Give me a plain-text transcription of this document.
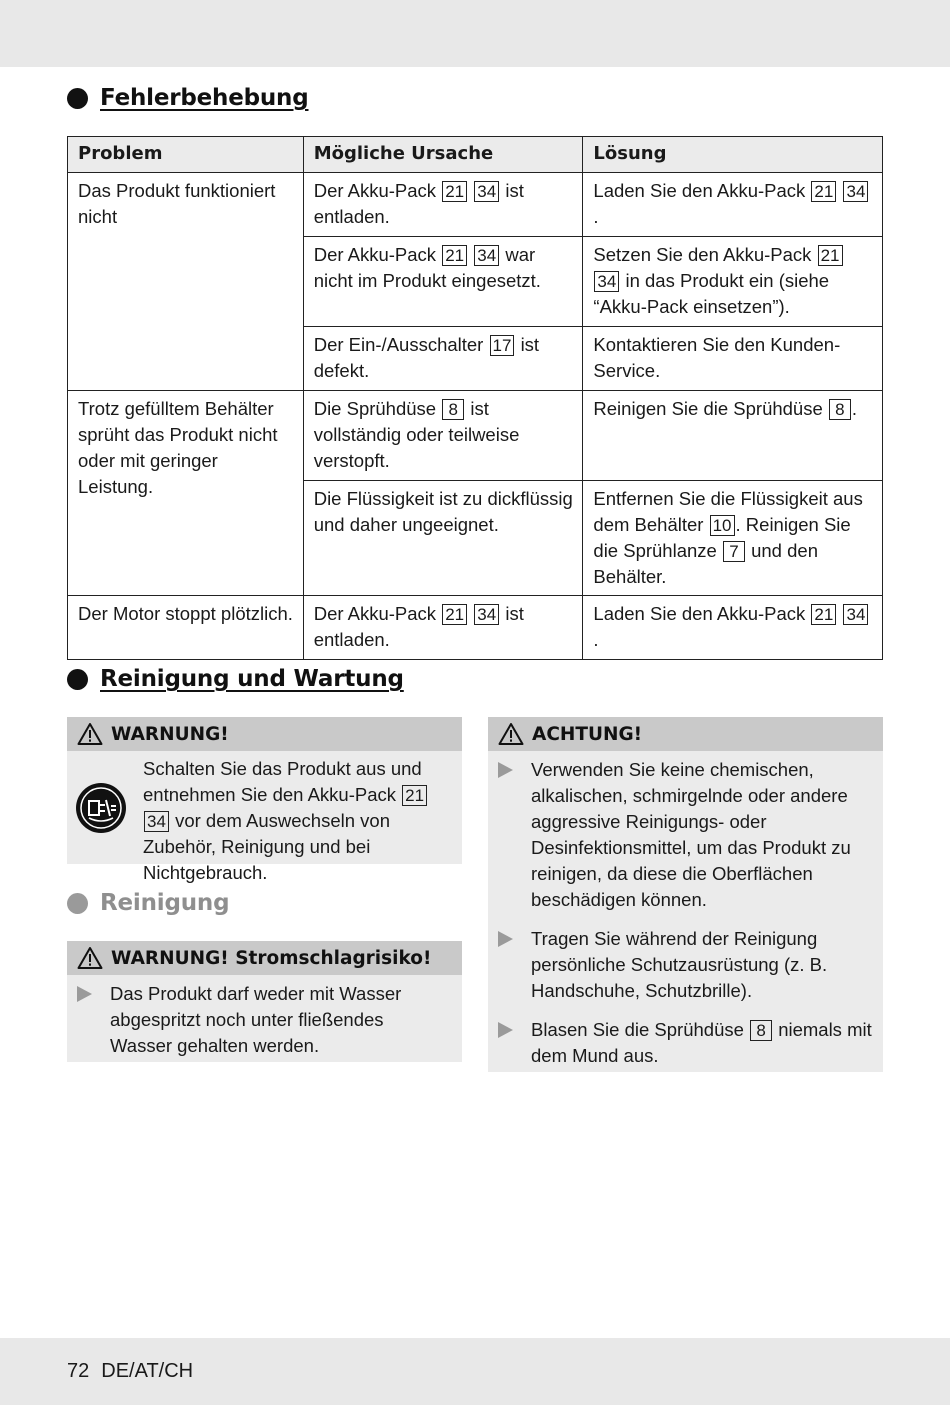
Fehlerbehebung
Problem	Mögliche Ursache	Lösung
Das Produkt funktioniert nicht	Der Akku-Pack 21 34 ist entladen.	Laden Sie den Akku-Pack 21 34.
	Der Akku-Pack 21 34 war nicht im Produkt eingesetzt.	Setzen Sie den Akku-Pack 21 34 in das Produkt ein (siehe “Akku-Pack einsetzen”).
	Der Ein-/Ausschalter 17 ist defekt.	Kontaktieren Sie den Kunden-Service.
Trotz gefülltem Behälter sprüht das Produkt nicht oder mit geringer Leistung.	Die Sprühdüse 8 ist vollständig oder teilweise verstopft.	Reinigen Sie die Sprühdüse 8 .
	Die Flüssigkeit ist zu dickflüssig und daher ungeeignet.	Entfernen Sie die Flüssigkeit aus dem Behälter 10 . Reinigen Sie die Sprühlanze 7 und den Behälter.
Der Motor stoppt plötzlich.	Der Akku-Pack 21 34 ist entladen.	Laden Sie den Akku-Pack 21 34.
Reinigung und Wartung
WARNUNG!
Schalten Sie das Produkt aus und entnehmen Sie den Akku-Pack 21 34 vor dem Auswechseln von Zubehör, Reinigung und bei Nichtgebrauch.
Reinigung
WARNUNG! Stromschlagrisiko!
Das Produkt darf weder mit Wasser abgespritzt noch unter fließendes Wasser gehalten werden.
ACHTUNG!
Verwenden Sie keine chemischen, alkalischen, schmirgelnde oder andere aggressive Reinigungs- oder Desinfektionsmittel, um das Produkt zu reinigen, da diese die Oberflächen beschädigen können.
Tragen Sie während der Reinigung persönliche Schutzausrüstung (z. B. Handschuhe, Schutzbrille).
Blasen Sie die Sprühdüse 8 niemals mit dem Mund aus.
72 DE/AT/CH
